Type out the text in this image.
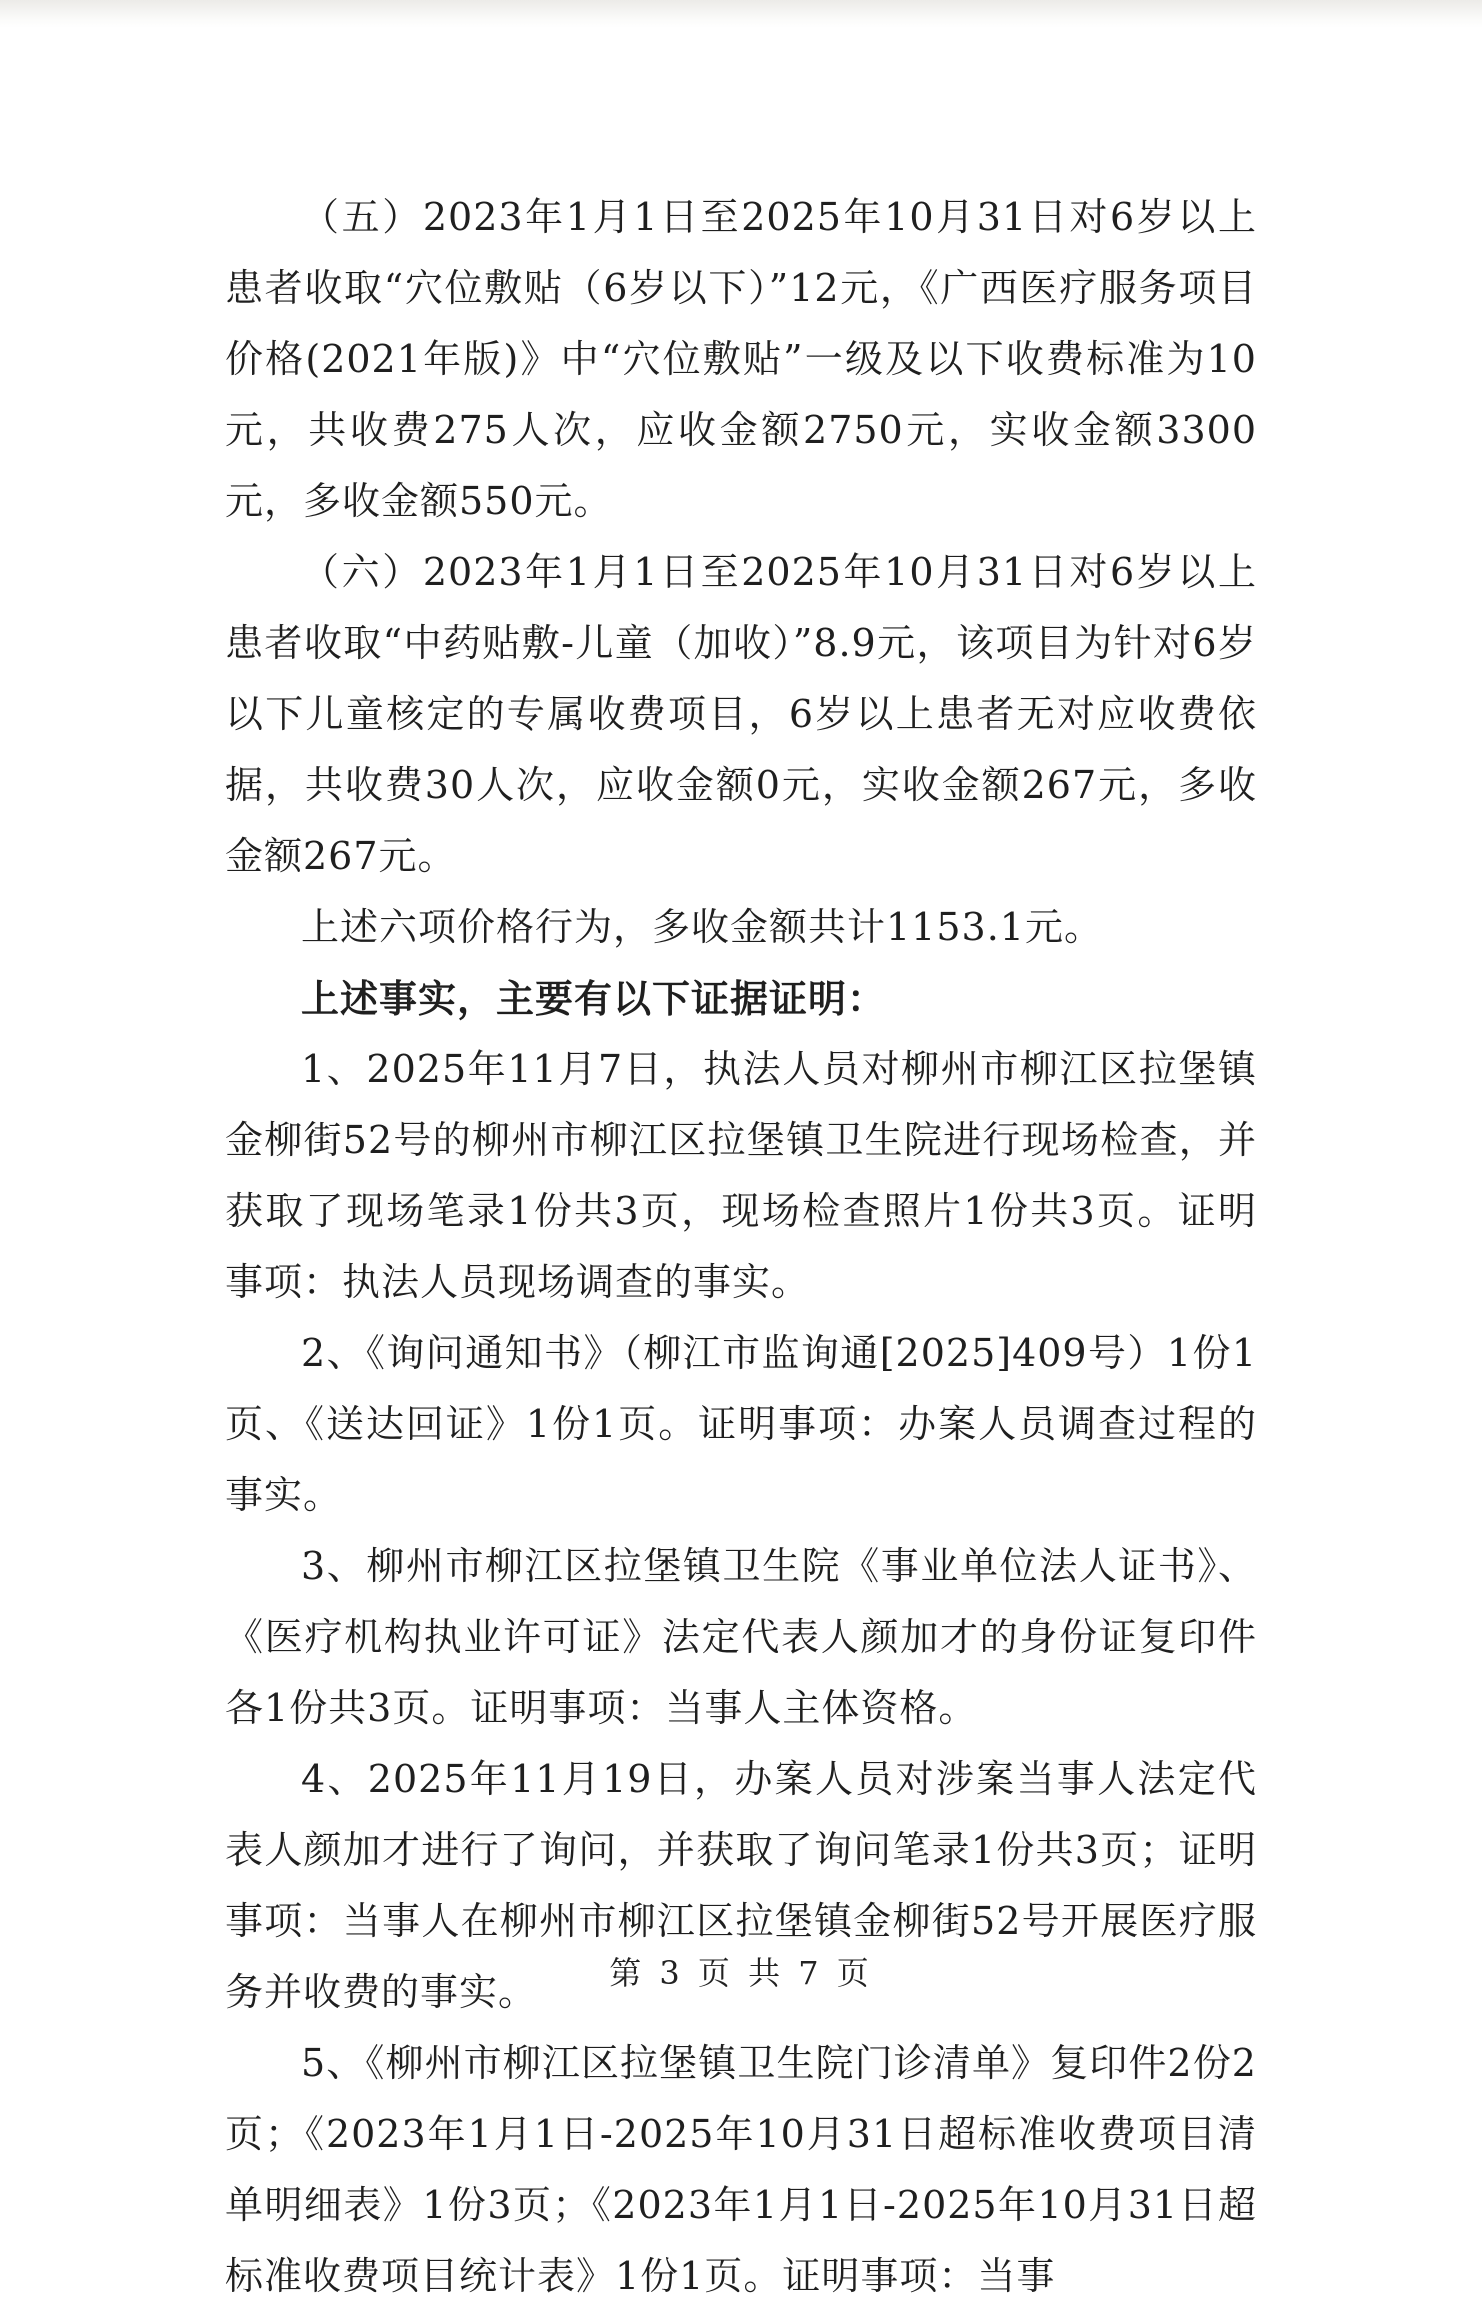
（五）2023年1月1日至2025年10月31日对6岁以上患者收取“穴位敷贴（6岁以下）”12元，《广西医疗服务项目价格(2021年版)》中“穴位敷贴”一级及以下收费标准为10元，共收费275人次，应收金额2750元，实收金额3300元，多收金额550元。

（六）2023年1月1日至2025年10月31日对6岁以上患者收取“中药贴敷-儿童（加收）”8.9元，该项目为针对6岁以下儿童核定的专属收费项目，6岁以上患者无对应收费依据，共收费30人次，应收金额0元，实收金额267元，多收金额267元。

上述六项价格行为，多收金额共计1153.1元。

上述事实，主要有以下证据证明：

1、2025年11月7日，执法人员对柳州市柳江区拉堡镇金柳街52号的柳州市柳江区拉堡镇卫生院进行现场检查，并获取了现场笔录1份共3页，现场检查照片1份共3页。证明事项：执法人员现场调查的事实。

2、《询问通知书》（柳江市监询通[2025]409号）1份1页、《送达回证》1份1页。证明事项：办案人员调查过程的事实。

3、柳州市柳江区拉堡镇卫生院《事业单位法人证书》、《医疗机构执业许可证》法定代表人颜加才的身份证复印件各1份共3页。证明事项：当事人主体资格。

4、2025年11月19日，办案人员对涉案当事人法定代表人颜加才进行了询问，并获取了询问笔录1份共3页；证明事项：当事人在柳州市柳江区拉堡镇金柳街52号开展医疗服务并收费的事实。

5、《柳州市柳江区拉堡镇卫生院门诊清单》复印件2份2页；《2023年1月1日-2025年10月31日超标准收费项目清单明细表》1份3页；《2023年1月1日-2025年10月31日超标准收费项目统计表》1份1页。证明事项：当事

第 3 页 共 7 页
